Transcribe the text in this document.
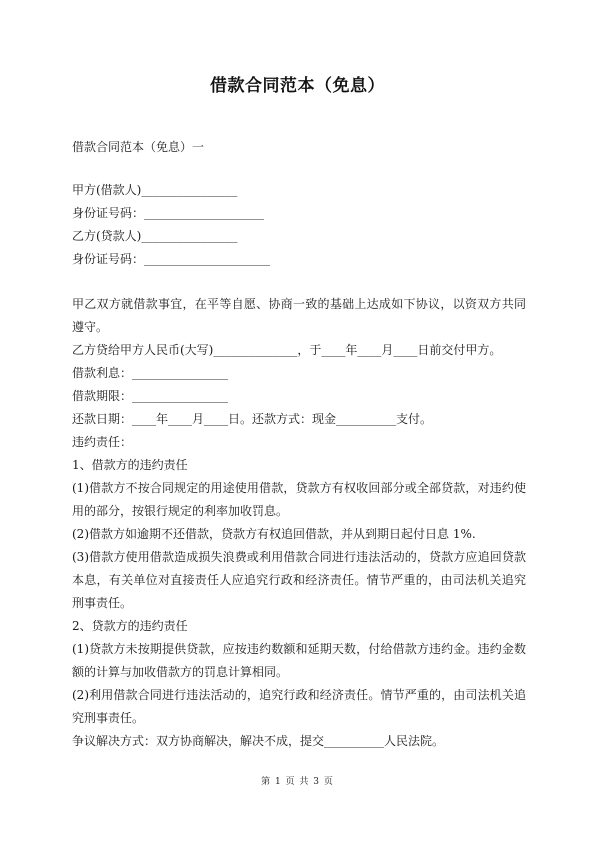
借款合同范本（免息）

借款合同范本（免息）一

甲方(借款人)________________

身份证号码：____________________

乙方(贷款人)________________

身份证号码：_____________________

甲乙双方就借款事宜，在平等自愿、协商一致的基础上达成如下协议，以资双方共同遵守。

乙方贷给甲方人民币(大写)______________，于____年____月____日前交付甲方。

借款利息：________________

借款期限：________________

还款日期：____年____月____日。还款方式：现金__________支付。

违约责任：

1、借款方的违约责任

(1)借款方不按合同规定的用途使用借款，贷款方有权收回部分或全部贷款，对违约使用的部分，按银行规定的利率加收罚息。

(2)借款方如逾期不还借款，贷款方有权追回借款，并从到期日起付日息 1%.

(3)借款方使用借款造成损失浪费或利用借款合同进行违法活动的，贷款方应追回贷款本息，有关单位对直接责任人应追究行政和经济责任。情节严重的，由司法机关追究刑事责任。

2、贷款方的违约责任

(1)贷款方未按期提供贷款，应按违约数额和延期天数，付给借款方违约金。违约金数额的计算与加收借款方的罚息计算相同。

(2)利用借款合同进行违法活动的，追究行政和经济责任。情节严重的，由司法机关追究刑事责任。

争议解决方式：双方协商解决，解决不成，提交__________人民法院。

第 1 页 共 3 页
